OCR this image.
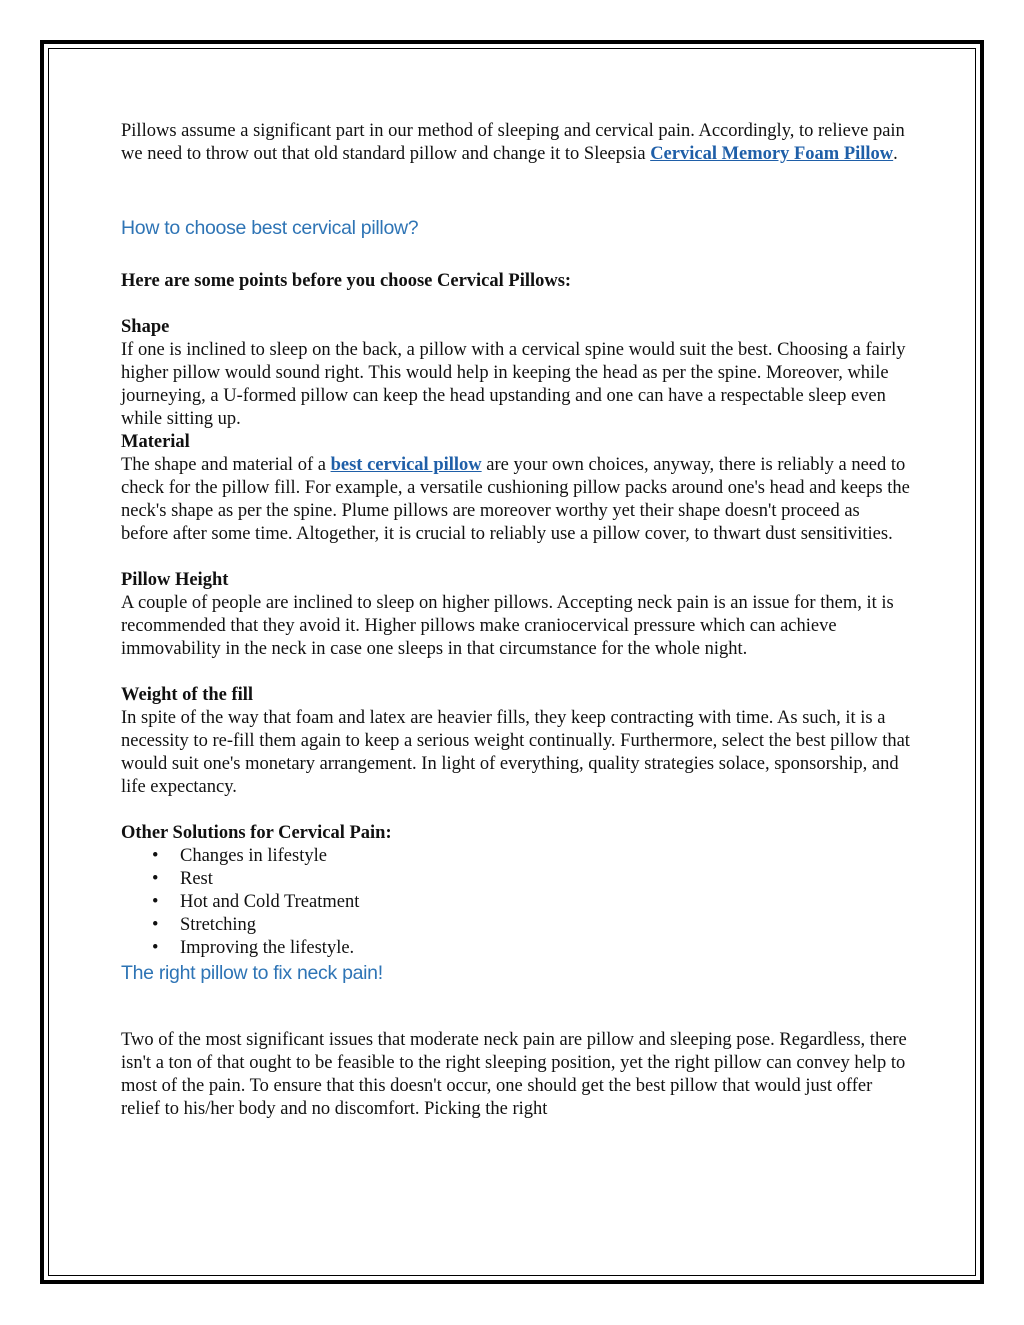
Pillows assume a significant part in our method of sleeping and cervical pain. Accordingly, to relieve pain we need to throw out that old standard pillow and change it to Sleepsia Cervical Memory Foam Pillow.

How to choose best cervical pillow?

Here are some points before you choose Cervical Pillows:

Shape

If one is inclined to sleep on the back, a pillow with a cervical spine would suit the best. Choosing a fairly higher pillow would sound right. This would help in keeping the head as per the spine. Moreover, while journeying, a U-formed pillow can keep the head upstanding and one can have a respectable sleep even while sitting up.

Material

The shape and material of a best cervical pillow are your own choices, anyway, there is reliably a need to check for the pillow fill. For example, a versatile cushioning pillow packs around one's head and keeps the neck's shape as per the spine. Plume pillows are moreover worthy yet their shape doesn't proceed as before after some time. Altogether, it is crucial to reliably use a pillow cover, to thwart dust sensitivities.

Pillow Height

A couple of people are inclined to sleep on higher pillows. Accepting neck pain is an issue for them, it is recommended that they avoid it. Higher pillows make craniocervical pressure which can achieve immovability in the neck in case one sleeps in that circumstance for the whole night.

Weight of the fill

In spite of the way that foam and latex are heavier fills, they keep contracting with time. As such, it is a necessity to re-fill them again to keep a serious weight continually. Furthermore, select the best pillow that would suit one's monetary arrangement. In light of everything, quality strategies solace, sponsorship, and life expectancy.

Other Solutions for Cervical Pain:

• Changes in lifestyle
• Rest
• Hot and Cold Treatment
• Stretching
• Improving the lifestyle.
The right pillow to fix neck pain!

Two of the most significant issues that moderate neck pain are pillow and sleeping pose. Regardless, there isn't a ton of that ought to be feasible to the right sleeping position, yet the right pillow can convey help to most of the pain. To ensure that this doesn't occur, one should get the best pillow that would just offer relief to his/her body and no discomfort. Picking the right
